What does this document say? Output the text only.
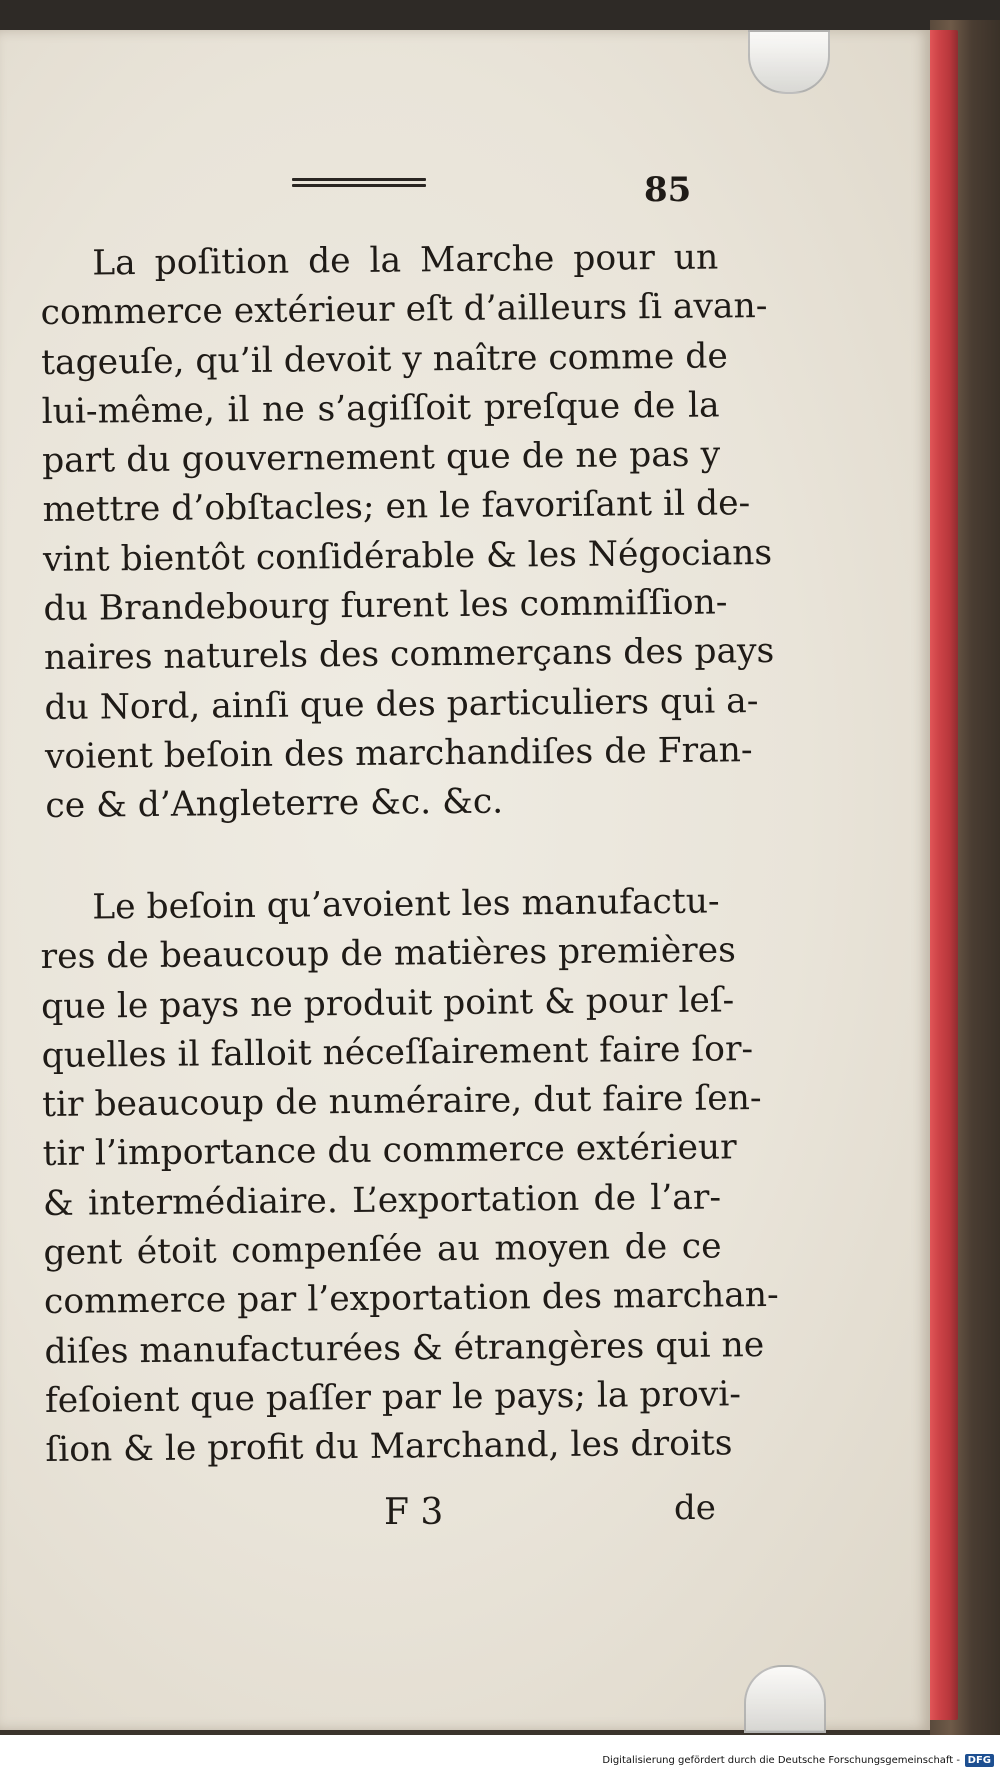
85
La poſition de la Marche pour un
commerce extérieur eſt d’ailleurs ſi avan-
tageuſe, qu’il devoit y naître comme de
lui-même, il ne s’agiſſoit preſque de la
part du gouvernement que de ne pas y
mettre d’obſtacles; en le favoriſant il de-
vint bientôt conſidérable & les Négocians
du Brandebourg furent les commiſſion-
naires naturels des commerçans des pays
du Nord, ainſi que des particuliers qui a-
voient beſoin des marchandiſes de Fran-
ce & d’Angleterre &c. &c.
Le beſoin qu’avoient les manufactu-
res de beaucoup de matières premières
que le pays ne produit point & pour leſ-
quelles il falloit néceſſairement faire ſor-
tir beaucoup de numéraire, dut faire ſen-
tir l’importance du commerce extérieur
& intermédiaire. L’exportation de l’ar-
gent étoit compenſée au moyen de ce
commerce par l’exportation des marchan-
diſes manufacturées & étrangères qui ne
feſoient que paſſer par le pays; la provi-
ſion & le profit du Marchand, les droits
F 3	de
Digitalisierung gefördert durch die Deutsche Forschungsgemeinschaft - DFG
